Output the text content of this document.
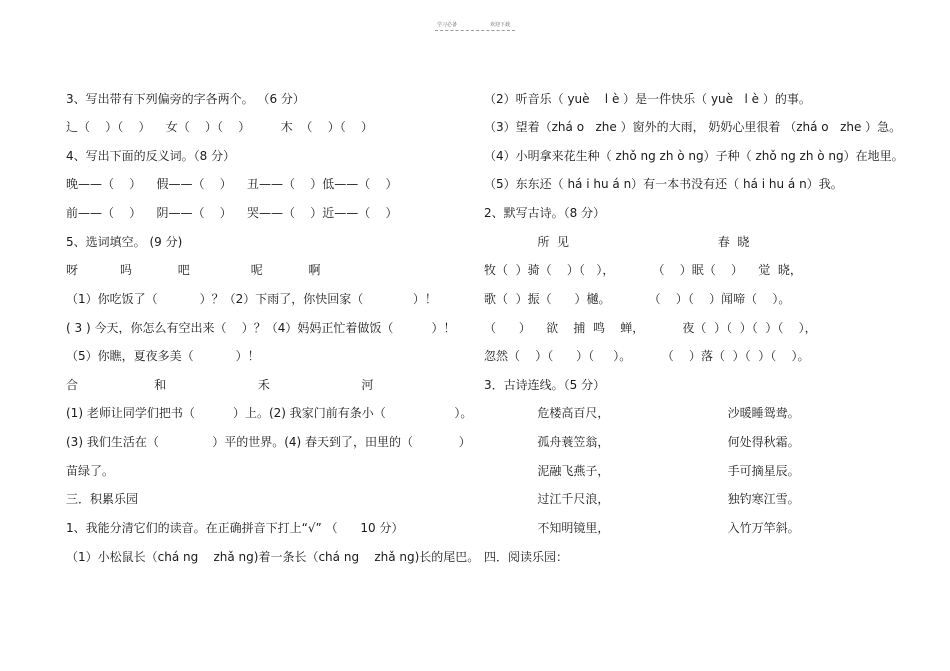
学习必备	欢迎下载
3、写出带有下列偏旁的字各两个。 （6 分）
辶（    ）（    ）    女（    ）（    ）        木  （    ）（    ）
4、写出下面的反义词。（8 分）
晚——（    ）    假——（    ）    丑——（    ）低——（    ）
前——（    ）    阴——（    ）    哭——（    ）近——（    ）
5、选词填空。 (9 分)
呀           吗            吧                呢            啊
（1）你吃饭了（           ）？（2）下雨了，你快回家（             ）！
( 3 ) 今天，你怎么有空出来（    ）？（4）妈妈正忙着做饭（          ）！
（5）你瞧，夏夜多美（           ）！
合                    和                        禾                        河
(1) 老师让同学们把书（          ）上。(2) 我家门前有条小（                  ）。
(3) 我们生活在（              ）平的世界。(4) 春天到了，田里的（            ）
苗绿了。
三．积累乐园
1、我能分清它们的读音。在正确拼音下打上“√” （      10 分）
（1）小松鼠长（chá ng    zhǎ ng)着一条长（chá ng    zhǎ ng)长的尾巴。
（2）听音乐（ yuè    l è ）是一件快乐（ yuè   l è ）的事。
（3）望着（zhá o   zhe ）窗外的大雨， 奶奶心里很着 （zhá o   zhe ）急。
（4）小明拿来花生种（ zhǒ ng zh ò ng）子种（ zhǒ ng zh ò ng）在地里。
（5）东东还（ há i hu á n）有一本书没有还（ há i hu á n）我。
2、默写古诗。（8 分）
所  见                                       春  晓
牧（  ）骑（    ）（   ），          （    ）眠（    ）    觉  晓，
歌（  ）振（      ）樾。          （    ）（    ）闻啼（    ）。
（      ）    欲    捕  鸣    蝉，          夜（  ）（  ）（  ）（    ），
忽然（    ）（      ）（     ）。        （    ）落（  ）（  ）（    ）。
3．古诗连线。（5 分）
危楼高百尺，                               沙暖睡鸳鸯。
孤舟蓑笠翁，                               何处得秋霜。
泥融飞燕子，                               手可摘星辰。
过江千尺浪，                               独钓寒江雪。
不知明镜里，                               入竹万竿斜。
四．阅读乐园：
